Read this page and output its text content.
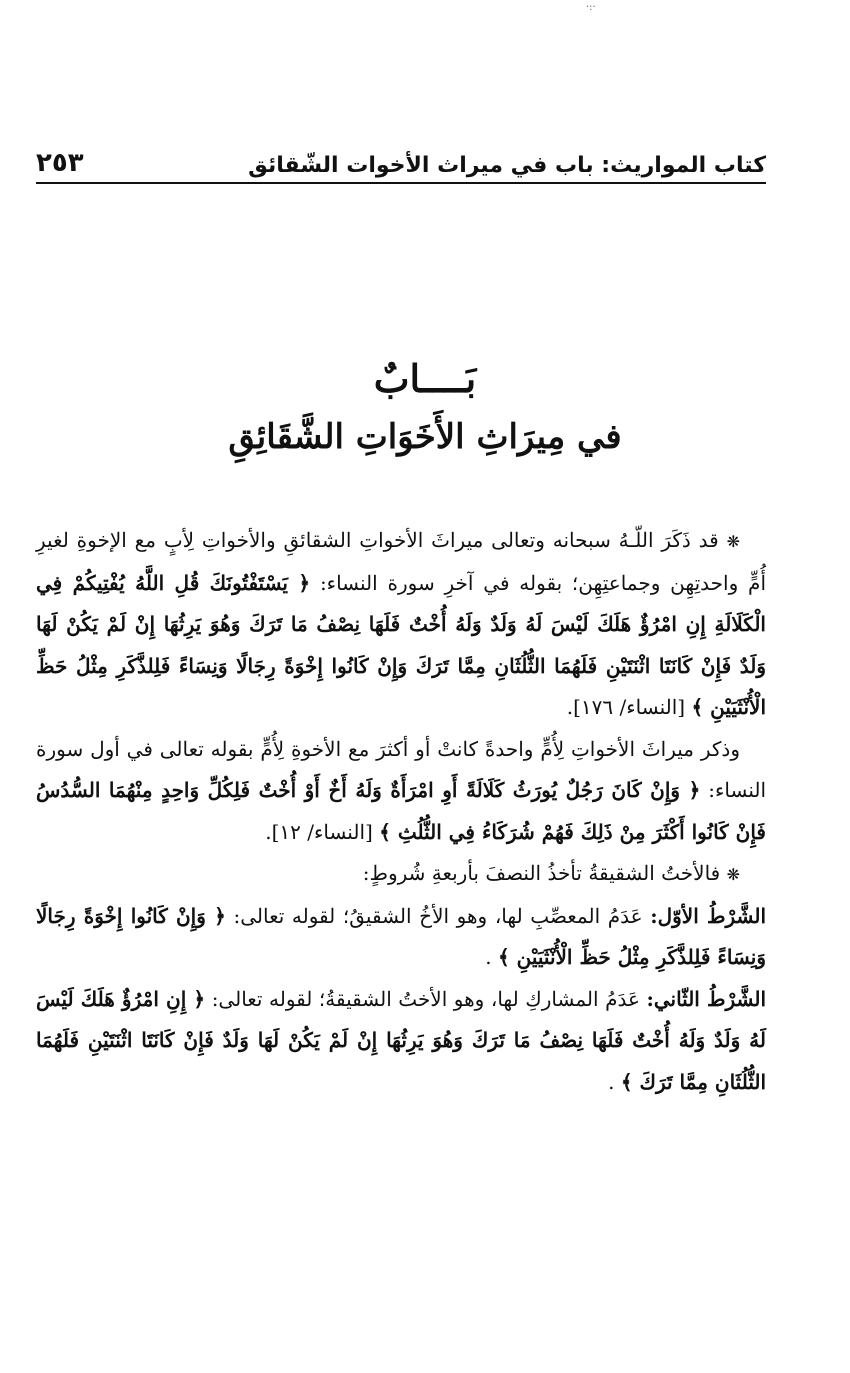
·:·
كتاب المواريث: باب في ميراث الأخوات الشّقائق
٢٥٣
بَــــابٌ
في مِيرَاثِ الأَخَوَاتِ الشَّقَائِقِ

❋ قد ذَكَرَ اللّـهُ سبحانه وتعالى ميراثَ الأخواتِ الشقائقِ والأخواتِ لِأبٍ مع الإخوةِ لغيرِ أُمٍّ واحدتِهِن وجماعتِهِن؛ بقوله في آخرِ سورة النساء: ﴿ يَسْتَفْتُونَكَ قُلِ اللَّهُ يُفْتِيكُمْ فِي الْكَلَالَةِ إِنِ امْرُؤٌ هَلَكَ لَيْسَ لَهُ وَلَدٌ وَلَهُ أُخْتٌ فَلَهَا نِصْفُ مَا تَرَكَ وَهُوَ يَرِثُهَا إِنْ لَمْ يَكُنْ لَهَا وَلَدٌ فَإِنْ كَانَتَا اثْنَتَيْنِ فَلَهُمَا الثُّلُثَانِ مِمَّا تَرَكَ وَإِنْ كَانُوا إِخْوَةً رِجَالًا وَنِسَاءً فَلِلذَّكَرِ مِثْلُ حَظِّ الْأُنْثَيَيْنِ ﴾ [النساء/ ١٧٦].

وذكر ميراثَ الأخواتِ لِأُمٍّ واحدةً كانتْ أو أكثرَ مع الأخوةِ لِأُمٍّ بقوله تعالى في أول سورة النساء: ﴿ وَإِنْ كَانَ رَجُلٌ يُورَثُ كَلَالَةً أَوِ امْرَأَةٌ وَلَهُ أَخٌ أَوْ أُخْتٌ فَلِكُلِّ وَاحِدٍ مِنْهُمَا السُّدُسُ فَإِنْ كَانُوا أَكْثَرَ مِنْ ذَلِكَ فَهُمْ شُرَكَاءُ فِي الثُّلُثِ ﴾ [النساء/ ١٢].

❋ فالأختُ الشقيقةُ تأخذُ النصفَ بأربعةِ شُروطٍ:

الشَّرْطُ الأوّل: عَدَمُ المعصِّبِ لها، وهو الأخُ الشقيقُ؛ لقوله تعالى: ﴿ وَإِنْ كَانُوا إِخْوَةً رِجَالًا وَنِسَاءً فَلِلذَّكَرِ مِثْلُ حَظِّ الْأُنْثَيَيْنِ ﴾ .

الشَّرْطُ الثّاني: عَدَمُ المشاركِ لها، وهو الأختُ الشقيقةُ؛ لقوله تعالى: ﴿ إِنِ امْرُؤٌ هَلَكَ لَيْسَ لَهُ وَلَدٌ وَلَهُ أُخْتٌ فَلَهَا نِصْفُ مَا تَرَكَ وَهُوَ يَرِثُهَا إِنْ لَمْ يَكُنْ لَهَا وَلَدٌ فَإِنْ كَانَتَا اثْنَتَيْنِ فَلَهُمَا الثُّلُثَانِ مِمَّا تَرَكَ ﴾ .
